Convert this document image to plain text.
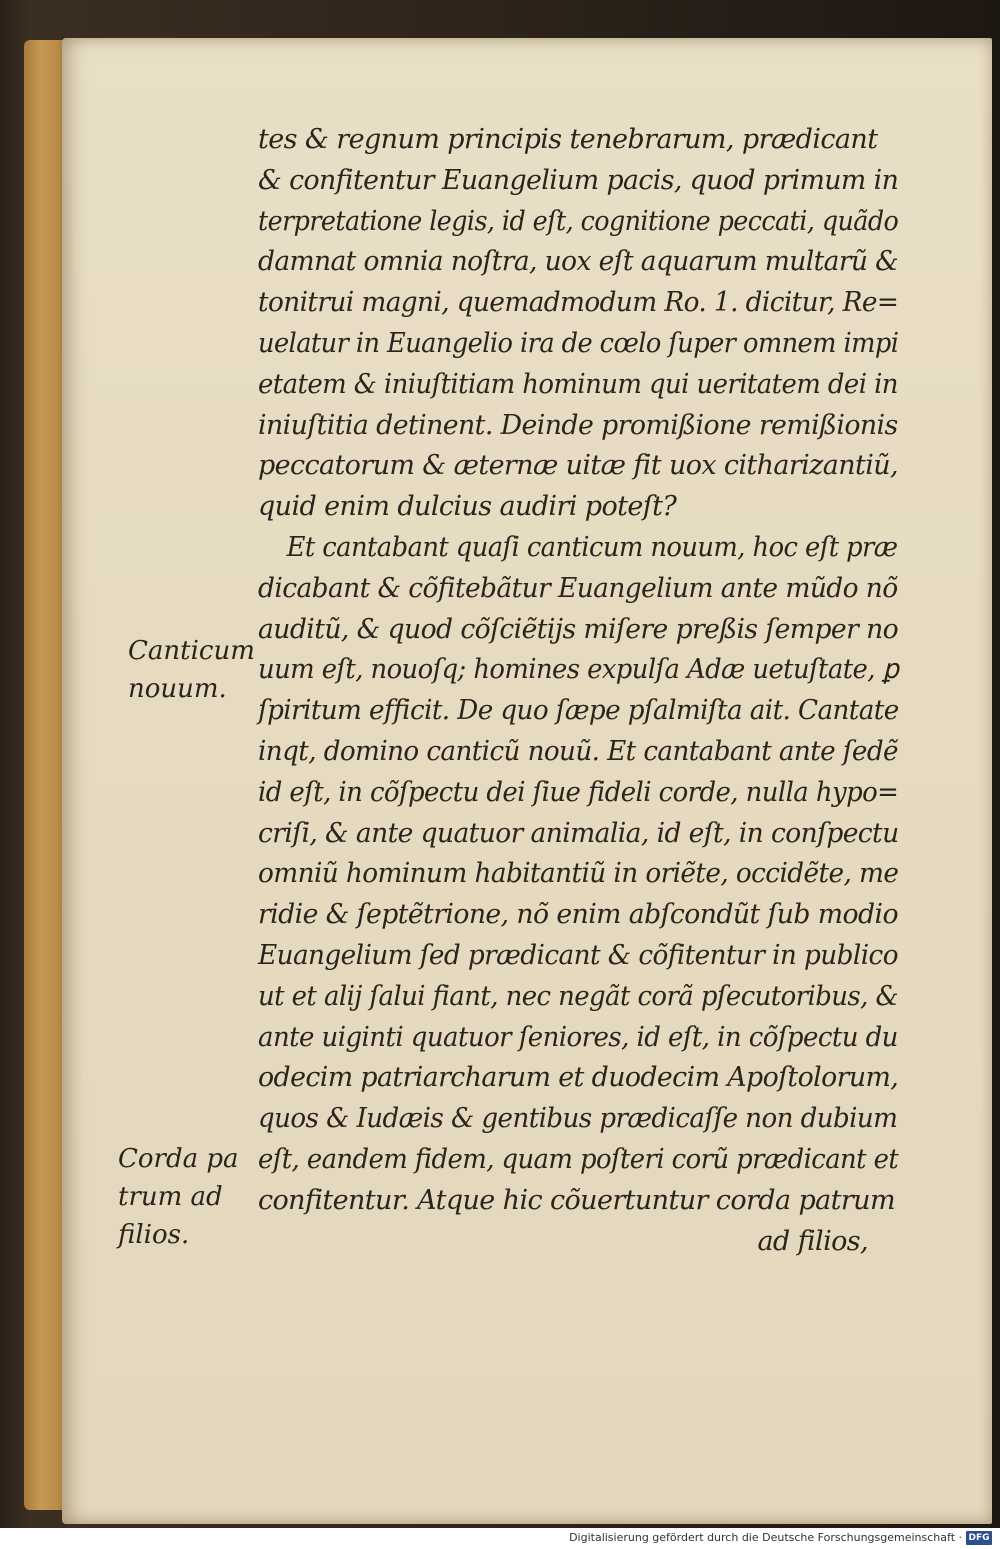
tes & regnum principis tenebrarum, prædicant
& confitentur Euangelium pacis, quod primum in
terpretatione legis, id eſt, cognitione peccati, quãdo
damnat omnia noſtra, uox eſt aquarum multarũ &
tonitrui magni, quemadmodum Ro. 1. dicitur, Re=
uelatur in Euangelio ira de cœlo ſuper omnem impi
etatem & iniuſtitiam hominum qui ueritatem dei in
iniuſtitia detinent. Deinde promißione remißionis
peccatorum & æternæ uitæ fit uox citharizantiũ,
quid enim dulcius audiri poteſt?
Et cantabant quaſi canticum nouum, hoc eſt præ
dicabant & cõfitebãtur Euangelium ante mũdo nõ
auditũ, & quod cõſciẽtijs miſere preßis ſemper no
uum eſt, nouoſq; homines expulſa Adæ uetuſtate, ꝑ
ſpiritum efficit. De quo ſæpe pſalmiſta ait. Cantate
inqt, domino canticũ nouũ. Et cantabant ante ſedẽ
id eſt, in cõſpectu dei ſiue fideli corde, nulla hypo=
criſi, & ante quatuor animalia, id eſt, in conſpectu
omniũ hominum habitantiũ in oriẽte, occidẽte, me
ridie & ſeptẽtrione, nõ enim abſcondũt ſub modio
Euangelium ſed prædicant & cõfitentur in publico
ut et alij ſalui fiant, nec negãt corã pſecutoribus, &
ante uiginti quatuor ſeniores, id eſt, in cõſpectu du
odecim patriarcharum et duodecim Apoſtolorum,
quos & Iudæis & gentibus prædicaſſe non dubium
eſt, eandem fidem, quam poſteri corũ prædicant et
confitentur. Atque hic cõuertuntur corda patrum
ad filios,
Canticum
nouum.
Corda pa
trum ad
filios.
Digitalisierung gefördert durch die Deutsche Forschungsgemeinschaft · DFG
